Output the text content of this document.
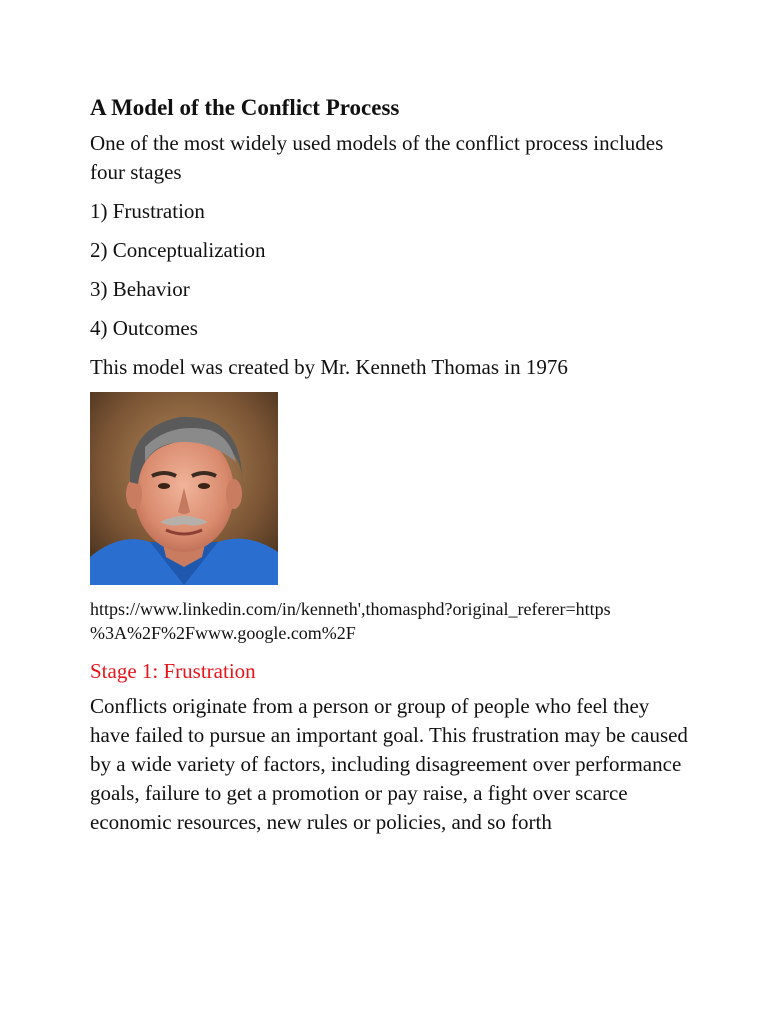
A Model of the Conflict Process

One of the most widely used models of the conflict process includes four stages

1) Frustration

2) Conceptualization

3) Behavior

4) Outcomes

This model was created by Mr. Kenneth Thomas in 1976

https://www.linkedin.com/in/kenneth',thomasphd?original_referer=https
%3A%2F%2Fwww.google.com%2F

Stage 1: Frustration

Conflicts originate from a person or group of people who feel they have failed to pursue an important goal. This frustration may be caused by a wide variety of factors, including disagreement over performance goals, failure to get a promotion or pay raise, a fight over scarce economic resources, new rules or policies, and so forth
